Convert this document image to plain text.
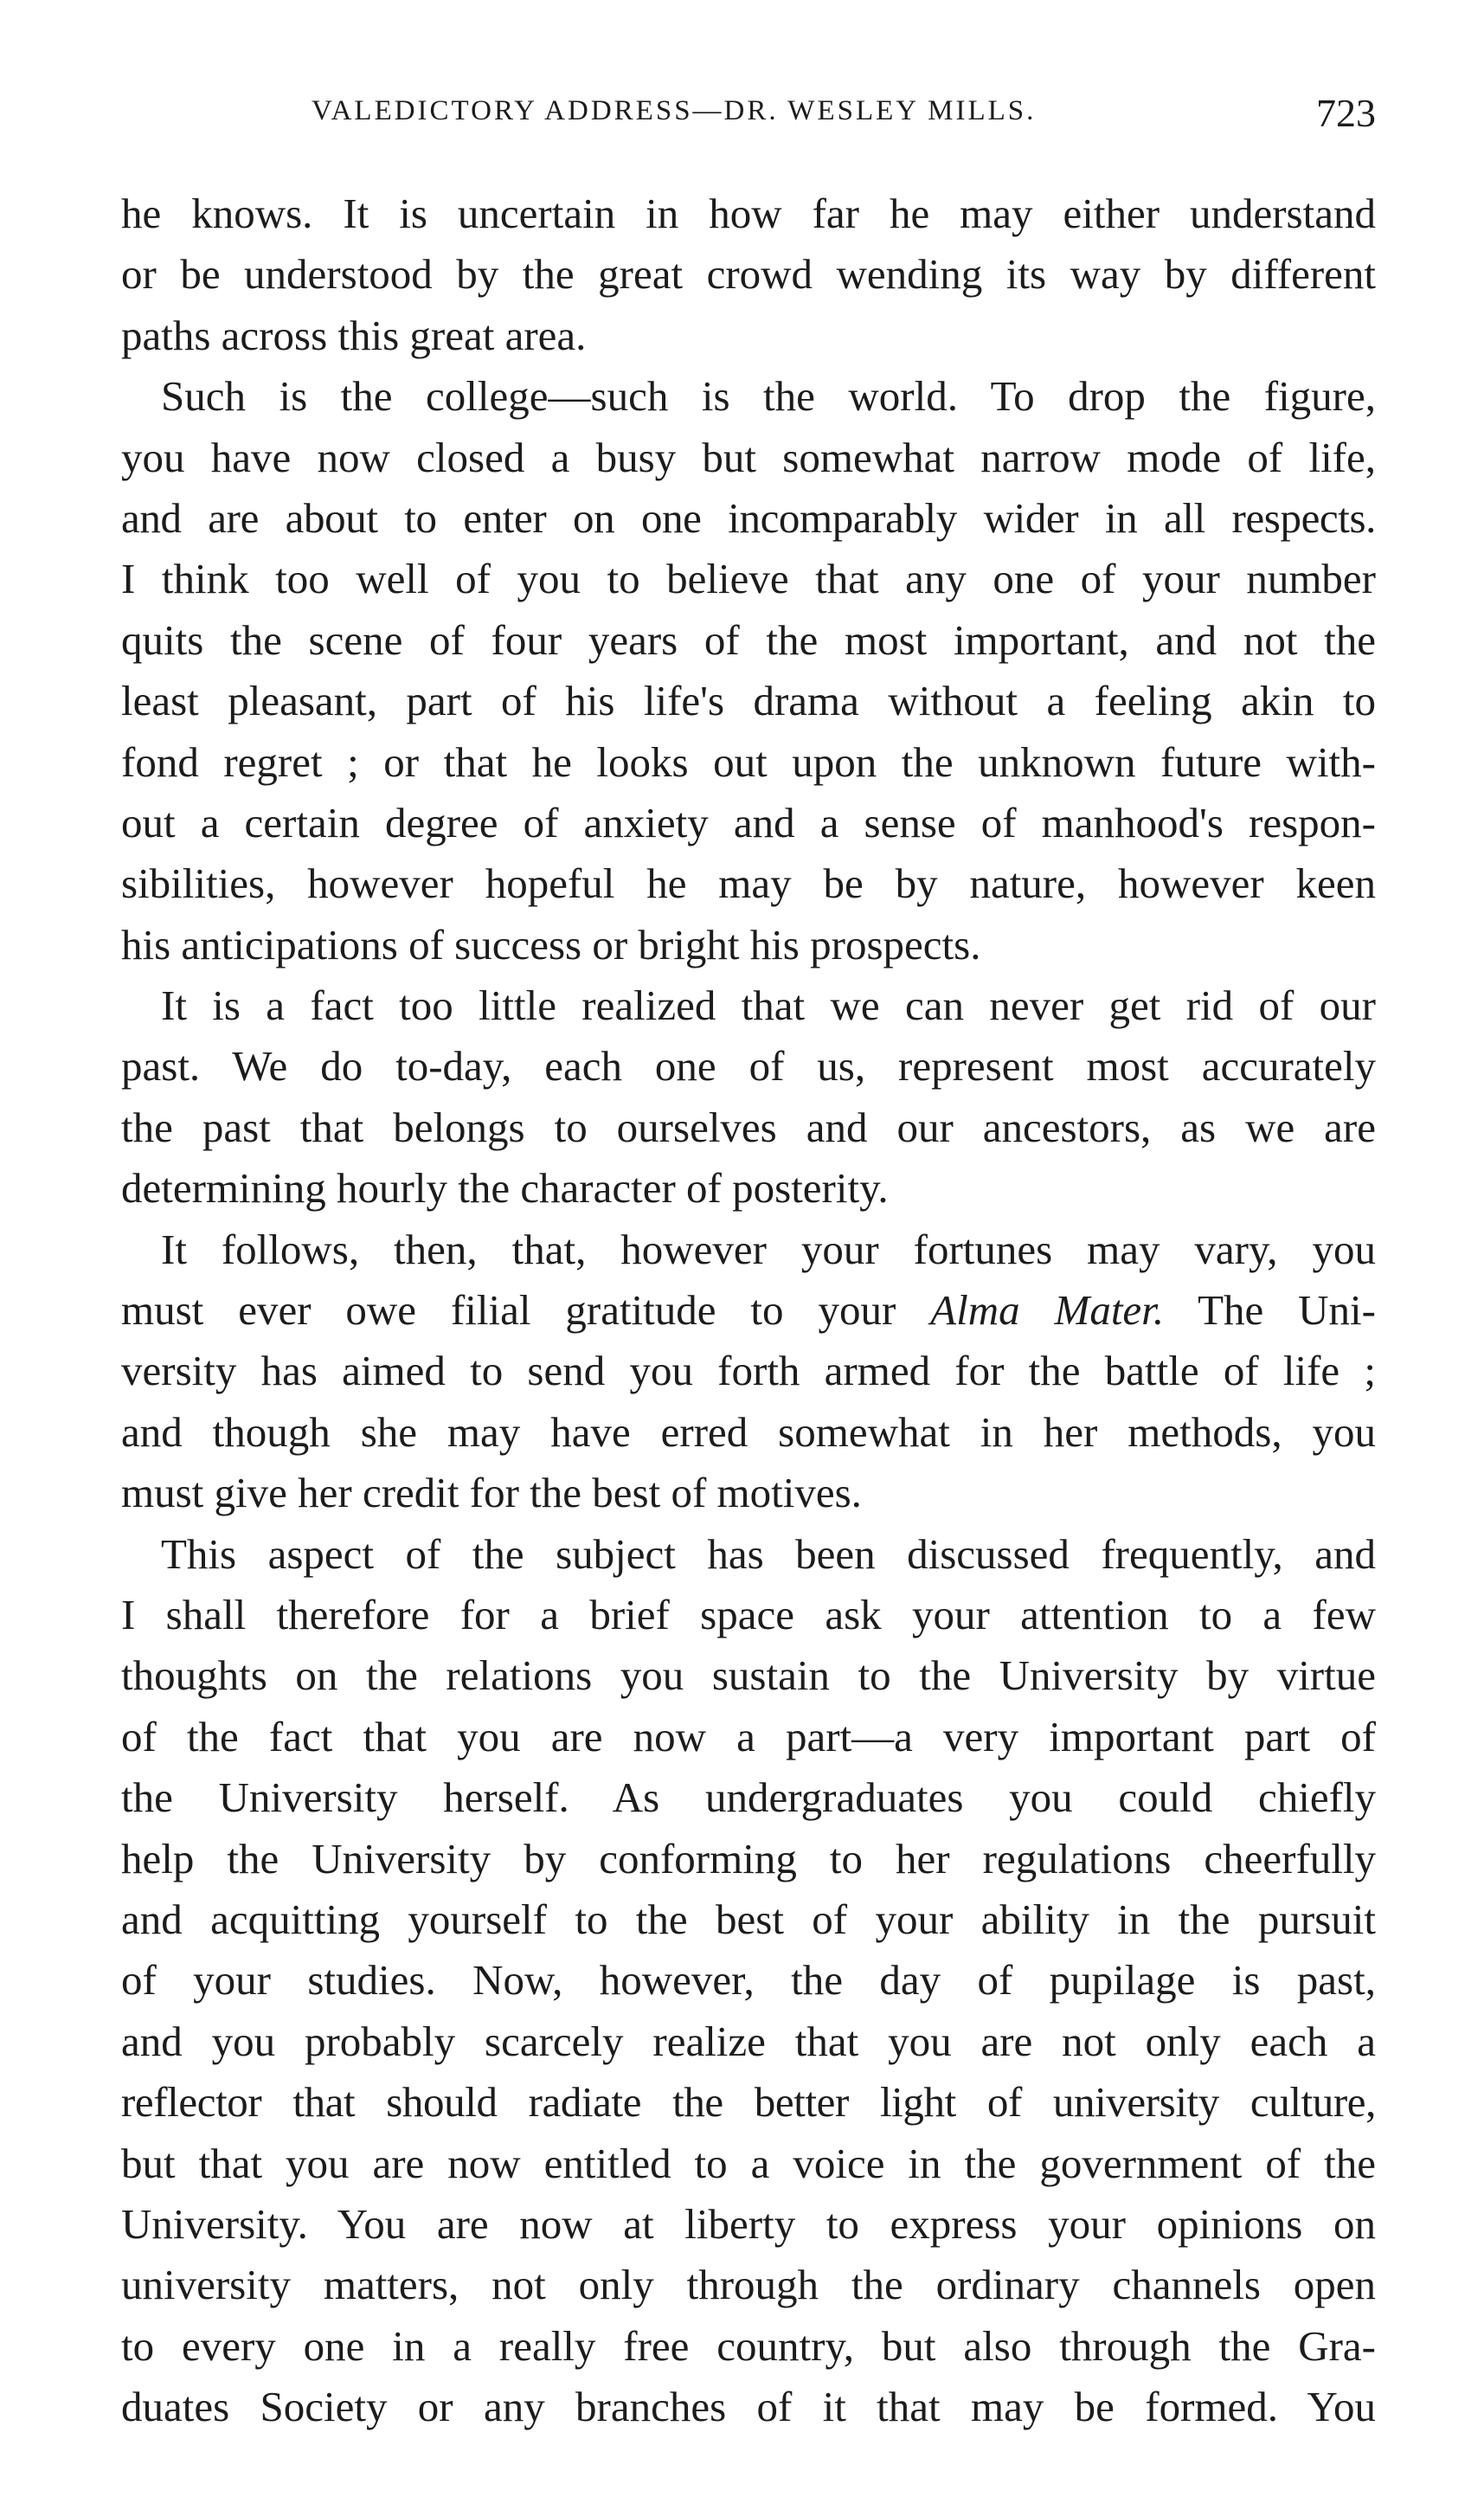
VALEDICTORY ADDRESS—DR. WESLEY MILLS.	723
he knows. It is uncertain in how far he may either understand
or be understood by the great crowd wending its way by different
paths across this great area.
Such is the college—such is the world. To drop the figure,
you have now closed a busy but somewhat narrow mode of life,
and are about to enter on one incomparably wider in all respects.
I think too well of you to believe that any one of your number
quits the scene of four years of the most important, and not the
least pleasant, part of his life's drama without a feeling akin to
fond regret ; or that he looks out upon the unknown future with-
out a certain degree of anxiety and a sense of manhood's respon-
sibilities, however hopeful he may be by nature, however keen
his anticipations of success or bright his prospects.
It is a fact too little realized that we can never get rid of our
past. We do to-day, each one of us, represent most accurately
the past that belongs to ourselves and our ancestors, as we are
determining hourly the character of posterity.
It follows, then, that, however your fortunes may vary, you
must ever owe filial gratitude to your Alma Mater. The Uni-
versity has aimed to send you forth armed for the battle of life ;
and though she may have erred somewhat in her methods, you
must give her credit for the best of motives.
This aspect of the subject has been discussed frequently, and
I shall therefore for a brief space ask your attention to a few
thoughts on the relations you sustain to the University by virtue
of the fact that you are now a part—a very important part of
the University herself. As undergraduates you could chiefly
help the University by conforming to her regulations cheerfully
and acquitting yourself to the best of your ability in the pursuit
of your studies. Now, however, the day of pupilage is past,
and you probably scarcely realize that you are not only each a
reflector that should radiate the better light of university culture,
but that you are now entitled to a voice in the government of the
University. You are now at liberty to express your opinions on
university matters, not only through the ordinary channels open
to every one in a really free country, but also through the Gra-
duates Society or any branches of it that may be formed. You
